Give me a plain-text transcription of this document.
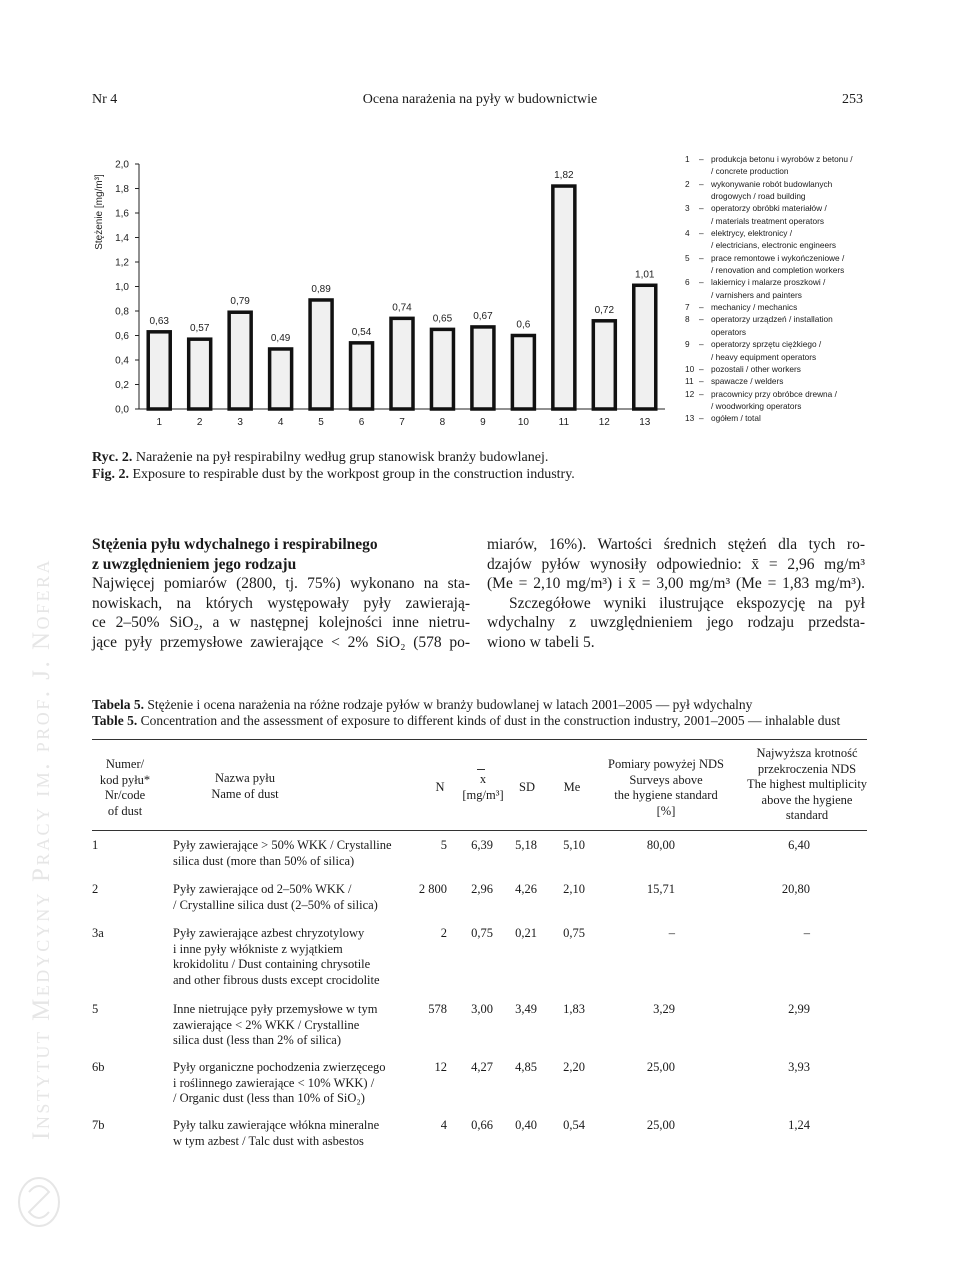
Nr 4	Ocena narażenia na pyły w budownictwie	253
Instytut Medycyny Pracy im. prof. J. Nofera
0,0
0,2
0,4
0,6
0,8
1,0
1,2
1,4
1,6
1,8
2,0
0,63
1
0,57
2
0,79
3
0,49
4
0,89
5
0,54
6
0,74
7
0,65
8
0,67
9
0,6
10
1,82
11
0,72
12
1,01
13
Stężenie [mg/m³]
1	– produkcja betonu i wyrobów z betonu /
/ concrete production
2	– wykonywanie robót budowlanych
drogowych / road building
3	– operatorzy obróbki materiałów /
/ materials treatment operators
4	– elektrycy, elektronicy /
/ electricians, electronic engineers
5	– prace remontowe i wykończeniowe /
/ renovation and completion workers
6	– lakiernicy i malarze proszkowi /
/ varnishers and painters
7	– mechanicy / mechanics
8	– operatorzy urządzeń / installation
operators
9	– operatorzy sprzętu ciężkiego /
/ heavy equipment operators
10 – pozostali / other workers
11 – spawacze / welders
12 – pracownicy przy obróbce drewna /
/ woodworking operators
13 – ogółem / total
Ryc. 2. Narażenie na pył respirabilny według grup stanowisk branży budowlanej.
Fig. 2. Exposure to respirable dust by the workpost group in the construction industry.
Stężenia pyłu wdychalnego i respirabilnego
z uwzględnieniem jego rodzaju

Najwięcej pomiarów (2800, tj. 75%) wykonano na sta-

nowiskach, na których występowały pyły zawierają-

ce 2–50% SiO₂, a w następnej kolejności inne nietru-

jące pyły przemysłowe zawierające < 2% SiO₂ (578 po-

miarów, 16%). Wartości średnich stężeń dla tych ro-

dzajów pyłów wynosiły odpowiednio: x̄ = 2,96 mg/m³

(Me = 2,10 mg/m³) i x̄ = 3,00 mg/m³ (Me = 1,83 mg/m³).

Szczegółowe wyniki ilustrujące ekspozycję na pył

wdychalny z uwzględnieniem jego rodzaju przedsta-

wiono w tabeli 5.

Tabela 5. Stężenie i ocena narażenia na różne rodzaje pyłów w branży budowlanej w latach 2001–2005 — pył wdychalny
Table 5. Concentration and the assessment of exposure to different kinds of dust in the construction industry, 2001–2005 — inhalable dust
Numer/
kod pyłu*
Nr/code
of dust
Nazwa pyłu
Name of dust	N
x
[mg/m³]
SD	Me
Pomiary powyżej NDS
Surveys above
the hygiene standard
[%]
Najwyższa krotność
przekroczenia NDS
The highest multiplicity
above the hygiene
standard
1	Pyły zawierające > 50% WKK / Crystalline
silica dust (more than 50% of silica)
5	6,39	5,18	5,10	80,00	6,40
2	Pyły zawierające od 2–50% WKK /
/ Crystalline silica dust (2–50% of silica)
2 800	2,96	4,26	2,10	15,71	20,80
3a	Pyły zawierające azbest chryzotylowy
i inne pyły włókniste z wyjątkiem
krokidolitu / Dust containing chrysotile
and other fibrous dusts except crocidolite
2	0,75	0,21	0,75	–	–
5	Inne nietrujące pyły przemysłowe w tym
zawierające < 2% WKK / Crystalline
silica dust (less than 2% of silica)
578	3,00	3,49	1,83	3,29	2,99
6b	Pyły organiczne pochodzenia zwierzęcego
i roślinnego zawierające < 10% WKK) /
/ Organic dust (less than 10% of SiO₂)
12	4,27	4,85	2,20	25,00	3,93
7b	Pyły talku zawierające włókna mineralne
w tym azbest / Talc dust with asbestos
4	0,66	0,40	0,54	25,00	1,24
